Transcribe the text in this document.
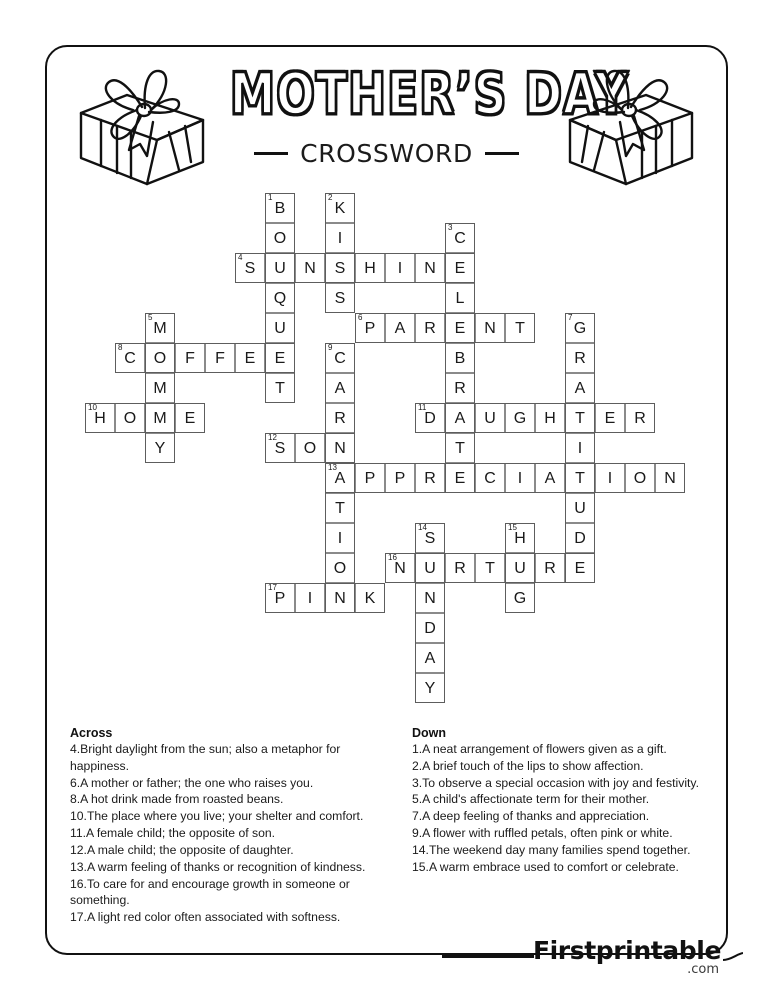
MOTHER’S DAY
CROSSWORD
1
B
O
U
Q
U
E
T
2
K
I
S
S
3
C
E
L
E
B
R
A
T
E
4
S	N	H	I	N
5
M
O
M
M
Y
6
P	A	R	N	T
7
G
R
A
T
I
T
U
D
E
8
C	F	F	E
9
C
A
R
N
13
A
T
I
O
N
10
H	O	E
11
D	U	G	H	E	R
12
S	O
P	P	R	C	I	A	I	O	N
14
S
U
N
D
A
Y
15
H
U
G
16
N	R	T	R
17
P	I	K
Across
4.Bright daylight from the sun; also a metaphor for happiness.
6.A mother or father; the one who raises you.
8.A hot drink made from roasted beans.
10.The place where you live; your shelter and comfort.
11.A female child; the opposite of son.
12.A male child; the opposite of daughter.
13.A warm feeling of thanks or recognition of kindness.
16.To care for and encourage growth in someone or something.
17.A light red color often associated with softness.
Down
1.A neat arrangement of flowers given as a gift.
2.A brief touch of the lips to show affection.
3.To observe a special occasion with joy and festivity.
5.A child's affectionate term for their mother.
7.A deep feeling of thanks and appreciation.
9.A flower with ruffled petals, often pink or white.
14.The weekend day many families spend together.
15.A warm embrace used to comfort or celebrate.
Firstprintable
.com
